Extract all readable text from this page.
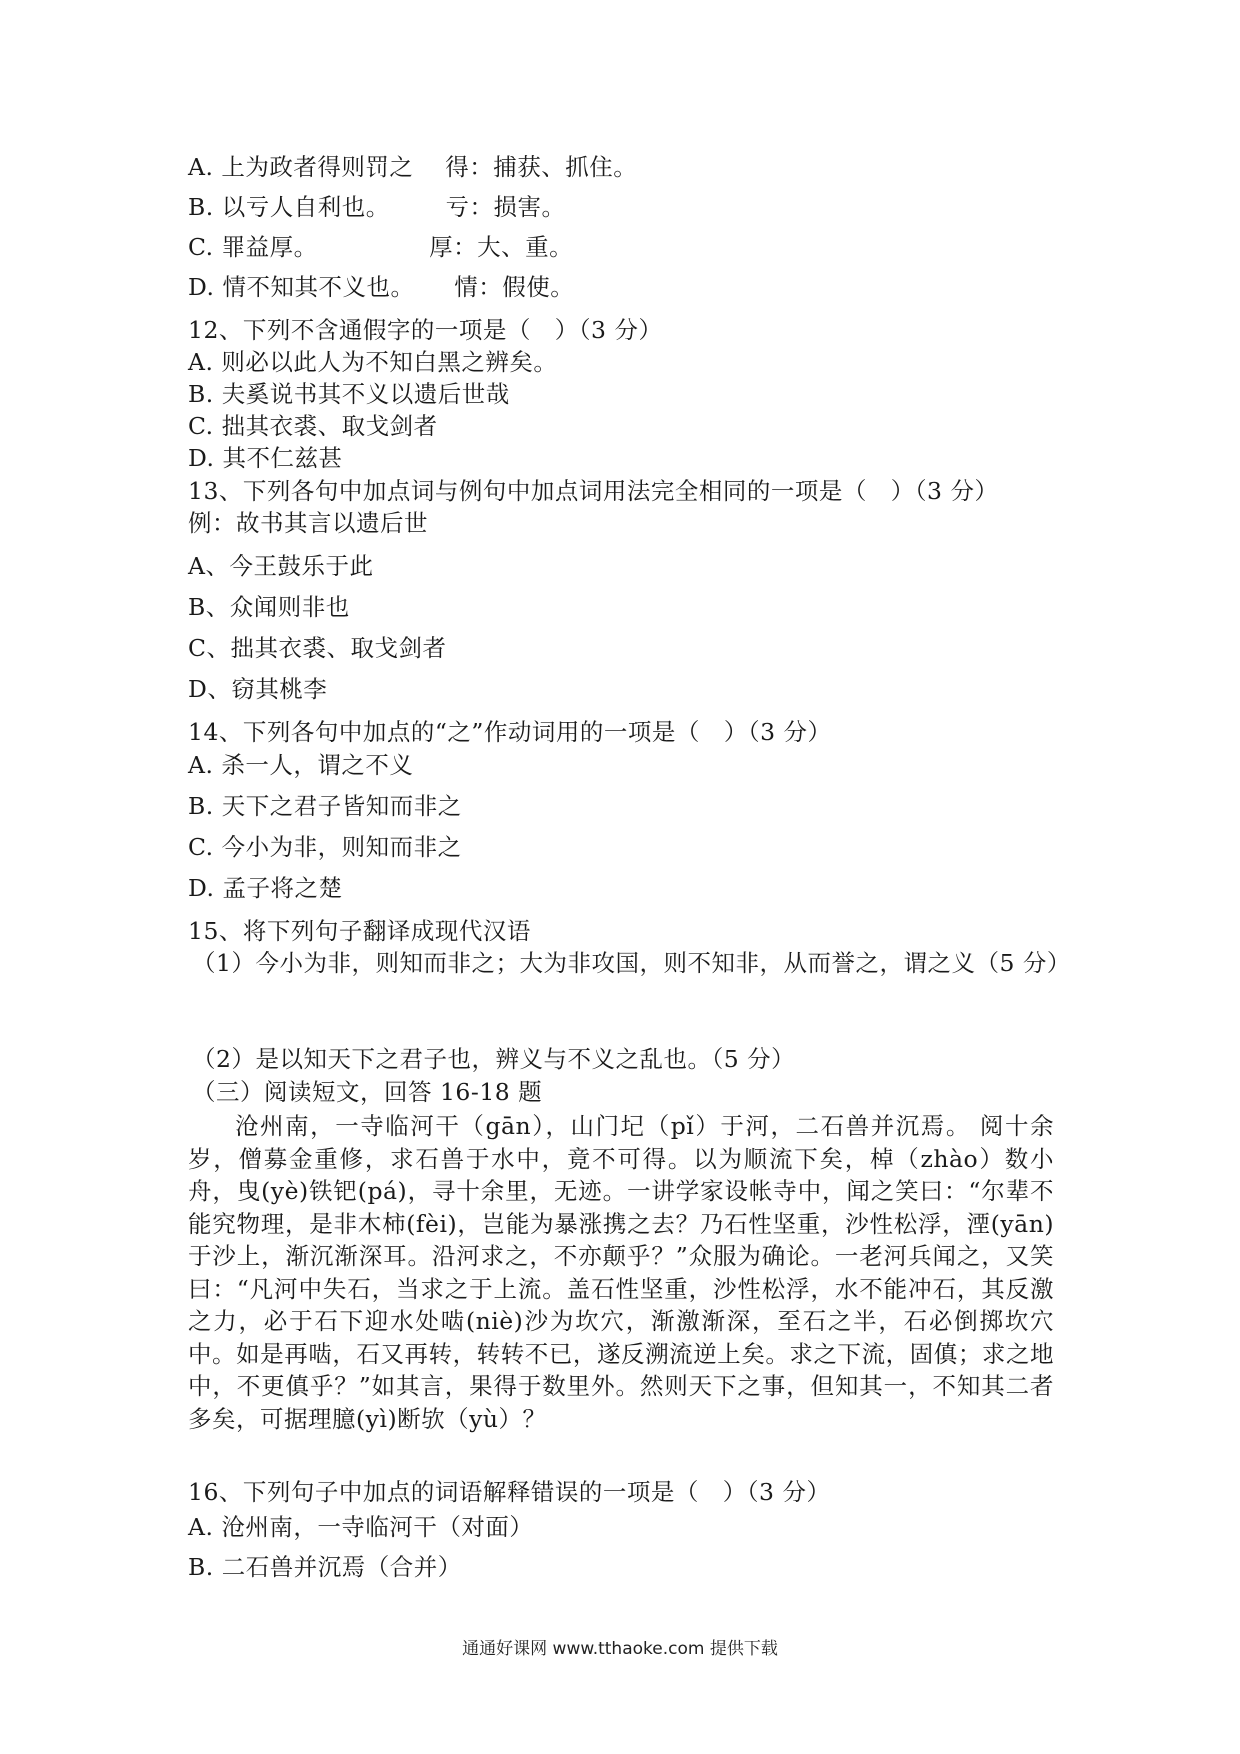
A. 上为政者得则罚之    得：捕获、抓住。
B. 以亏人自利也。       亏：损害。
C. 罪益厚。              厚：大、重。
D. 情不知其不义也。     情：假使。
12、下列不含通假字的一项是（   ）（3 分）
A. 则必以此人为不知白黑之辨矣。
B. 夫奚说书其不义以遗后世哉
C. 拙其衣裘、取戈剑者
D. 其不仁兹甚
13、下列各句中加点词与例句中加点词用法完全相同的一项是（   ）（3 分）
例：故书其言以遗后世
A、今王鼓乐于此
B、众闻则非也
C、拙其衣裘、取戈剑者
D、窃其桃李
14、下列各句中加点的“之”作动词用的一项是（   ）（3 分）
A. 杀一人，谓之不义
B. 天下之君子皆知而非之
C. 今小为非，则知而非之
D. 孟子将之楚
15、将下列句子翻译成现代汉语
（1）今小为非，则知而非之；大为非攻国，则不知非，从而誉之，谓之义（5 分）
（2）是以知天下之君子也，辨义与不义之乱也。（5 分）
（三）阅读短文，回答 16-18 题
沧州南，一寺临河干（gān），山门圮（pǐ）于河，二石兽并沉焉。 阅十余岁，僧募金重修，求石兽于水中，竟不可得。以为顺流下矣，棹（zhào）数小舟，曳(yè)铁钯(pá)，寻十余里，无迹。一讲学家设帐寺中，闻之笑曰：“尔辈不能究物理，是非木柿(fèi)，岂能为暴涨携之去？乃石性坚重，沙性松浮，湮(yān)于沙上，渐沉渐深耳。沿河求之，不亦颠乎？”众服为确论。一老河兵闻之，又笑曰：“凡河中失石，当求之于上流。盖石性坚重，沙性松浮，水不能冲石，其反激之力，必于石下迎水处啮(niè)沙为坎穴，渐激渐深，至石之半，石必倒掷坎穴中。如是再啮，石又再转，转转不已，遂反溯流逆上矣。求之下流，固傎；求之地中，不更傎乎？”如其言，果得于数里外。然则天下之事，但知其一，不知其二者多矣，可据理臆(yì)断欤（yù）？
16、下列句子中加点的词语解释错误的一项是（   ）（3 分）
A. 沧州南，一寺临河干（对面）
B. 二石兽并沉焉（合并）
通通好课网 www.tthaoke.com 提供下载
